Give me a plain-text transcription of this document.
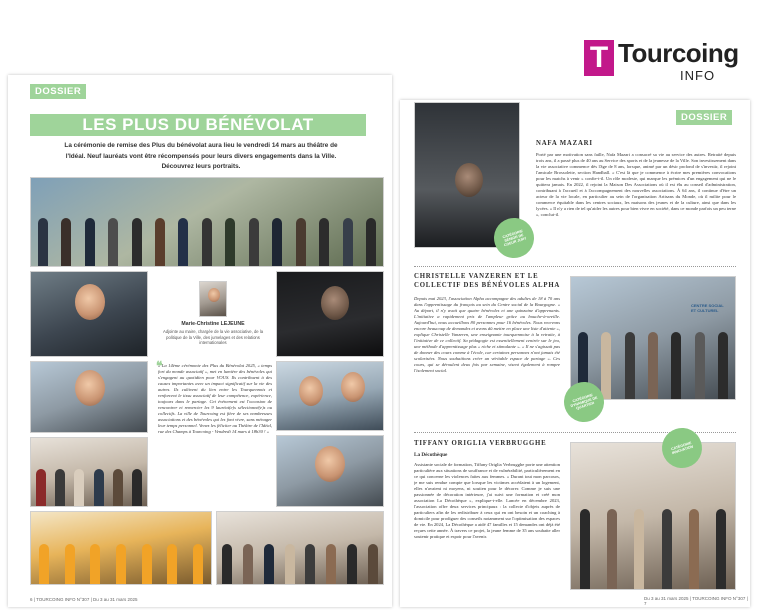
T Tourcoing
INFO
DOSSIER
LES PLUS DU BÉNÉVOLAT
La cérémonie de remise des Plus du bénévolat aura lieu le vendredi 14 mars au théâtre de l'Idéal. Neuf lauréats vont être récompensés pour leurs divers engagements dans la Ville. Découvrez leurs portraits.
Marie-Christine LEJEUNE
Adjointe au maire, chargée de la vie associative, de la politique de la Ville, des jumelages et des relations internationales
❝
« La 14ème cérémonie des Plus du Bénévolat 2025, « temps fort du monde associatif », met en lumière des bénévoles qui s'engagent au quotidien pour VOUS. Ils contribuent à des causes importantes avec un impact significatif sur la vie des autres. Ils cultivent du lien entre les Tourquennois et renforcent le tissu associatif de leur compétence, expérience, toujours dans le partage. Cet événement est l'occasion de rencontrer et remercier les 9 lauréat(e)s sélectionné(e)s ou collectifs. La ville de Tourcoing est fière de ses nombreuses associations et des bénévoles qui les font vivre, sans ménager leur temps personnel. Venez les féliciter au Théâtre de l'Idéal, rue des Champs à Tourcoing - Vendredi 14 mars à 18h30 ! »
6 | TOURCOING INFO N°307 | Du 3 au 31 mars 2025
DOSSIER
CATÉGORIE SÉNIOR DE COEUR JURY
NAFA MAZARI
Porté par une motivation sans faille, Nafa Mazari a consacré sa vie au service des autres. Retraité depuis trois ans, il a passé plus de 40 ans au Service des sports et de la jeunesse de la Ville. Son investissement dans la vie associative commence dès l'âge de 8 ans, lorsque, animé par un désir profond de s'investir, il rejoint l'amicale Brossolette, section Handball. « C'est là que je commence à écrire mes premières convocations pour les matchs à venir » confie-t-il. Un rôle modeste, qui marque les prémices d'un engagement qui ne le quittera jamais. En 2022, il rejoint la Maison Des Associations où il est élu au conseil d'administration, contribuant à l'accueil et à l'accompagnement des nouvelles associations. À 64 ans, il continue d'être un acteur de la vie locale, en particulier au sein de l'organisation Artisans du Monde, où il milite pour le commerce équitable dans les centres sociaux, les maisons des jeunes et de la culture, ainsi que dans les lycées. « Il n'y a rien de tel qu'aider les autres pour bien vivre en société, dans ce monde parfois un peu terne », conclut-il.
CHRISTELLE VANZEREN ET LE COLLECTIF DES BÉNÉVOLES ALPHA
Depuis mai 2023, l'association Alpha accompagne des adultes de 18 à 70 ans dans l'apprentissage du français au sein du Centre social de la Bourgogne. « Au départ, il n'y avait que quatre bénévoles et une quinzaine d'apprenants. L'initiative a rapidement pris de l'ampleur grâce au bouche-à-oreille. Aujourd'hui, nous accueillons 80 personnes pour 16 bénévoles. Nous recevons encore beaucoup de demandes et avons dû mettre en place une liste d'attente », explique Christelle Vanzeren, une enseignante tourquennoise à la retraite, à l'initiative de ce collectif. Sa pédagogie est essentiellement centrée sur le jeu, une méthode d'apprentissage plus « riche et stimulante ». « Il ne s'agissait pas de donner des cours comme à l'école, car certaines personnes n'ont jamais été scolarisées. Nous souhaitions créer un véritable espace de partage ». Ces cours, qui se déroulent deux fois par semaine, visent également à rompre l'isolement social.
CENTRE SOCIAL ET CULTUREL
CATÉGORIE DYNAMIQUE DE QUARTIER
TIFFANY ORIGLIA VERBRUGGHE
La Décothèque
Assistante sociale de formation, Tiffany Origlia Verbrugghe porte une attention particulière aux situations de souffrance et de vulnérabilité, particulièrement en ce qui concerne les violences faites aux femmes. « Durant tout mon parcours, je me suis rendue compte que lorsque les victimes accédaient à un logement, elles n'avaient ni moyens, ni soutien pour le décorer. Comme je suis une passionnée de décoration intérieure, j'ai suivi une formation et créé mon association La Décothèque », explique-t-elle. Lancée en décembre 2023, l'association offre deux services principaux : la collecte d'objets auprès de particuliers afin de les redistribuer à ceux qui en ont besoin et un coaching à domicile pour prodiguer des conseils notamment sur l'optimisation des espaces de vie. En 2024, La Décothèque a aidé 47 familles et 15 demandes ont déjà été reçues cette année. À travers ce projet, la jeune femme de 35 ans souhaite aller soutenir pratique et espoir pour l'avenir.
CATÉGORIE INNOVATION
Du 3 au 31 mars 2025 | TOURCOING INFO N°307 | 7
